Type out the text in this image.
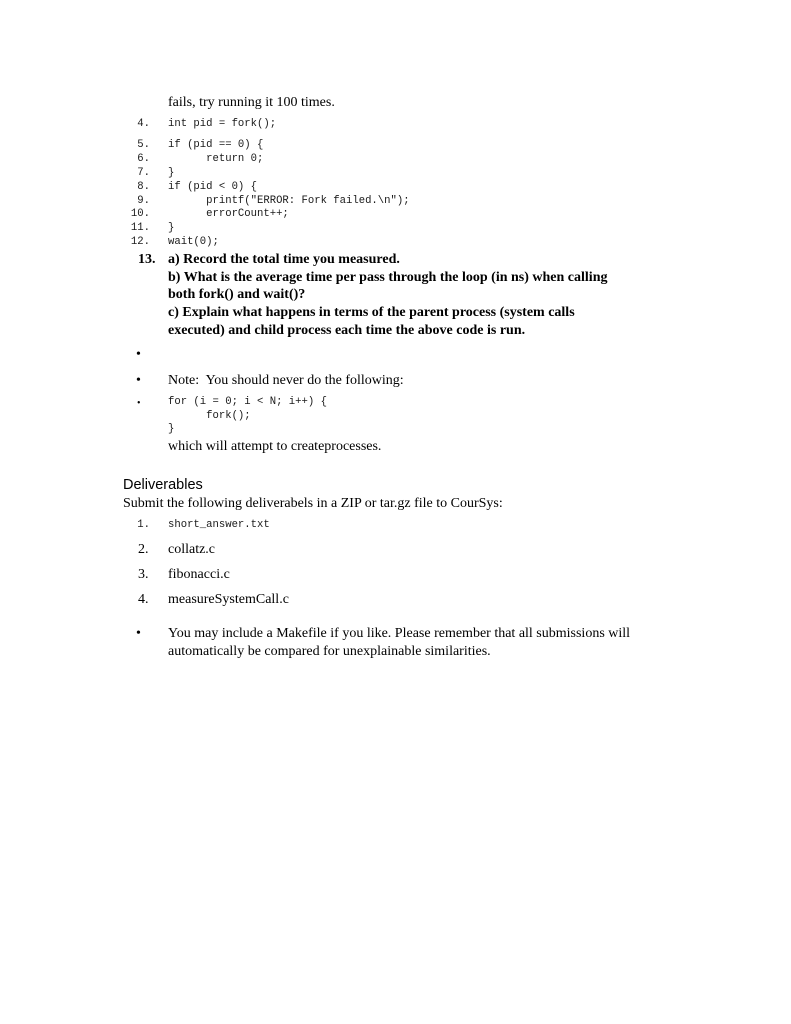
fails, try running it 100 times.
4. int pid = fork();
5. if (pid == 0) {
6. return 0;
7. }
8. if (pid < 0) {
9. printf("ERROR: Fork failed.\n");
10. errorCount++;
11. }
12. wait(0);
13. a) Record the total time you measured.
b) What is the average time per pass through the loop (in ns) when calling
both fork() and wait()?
c) Explain what happens in terms of the parent process (system calls
executed) and child process each time the above code is run.
•
• Note:  You should never do the following:
•	for (i = 0; i < N; i++) {
fork();
}
which will attempt to createprocesses.
Deliverables
Submit the following deliverabels in a ZIP or tar.gz file to CourSys:
1. short_answer.txt
2. collatz.c
3. fibonacci.c
4. measureSystemCall.c
• You may include a Makefile if you like. Please remember that all submissions will
automatically be compared for unexplainable similarities.
